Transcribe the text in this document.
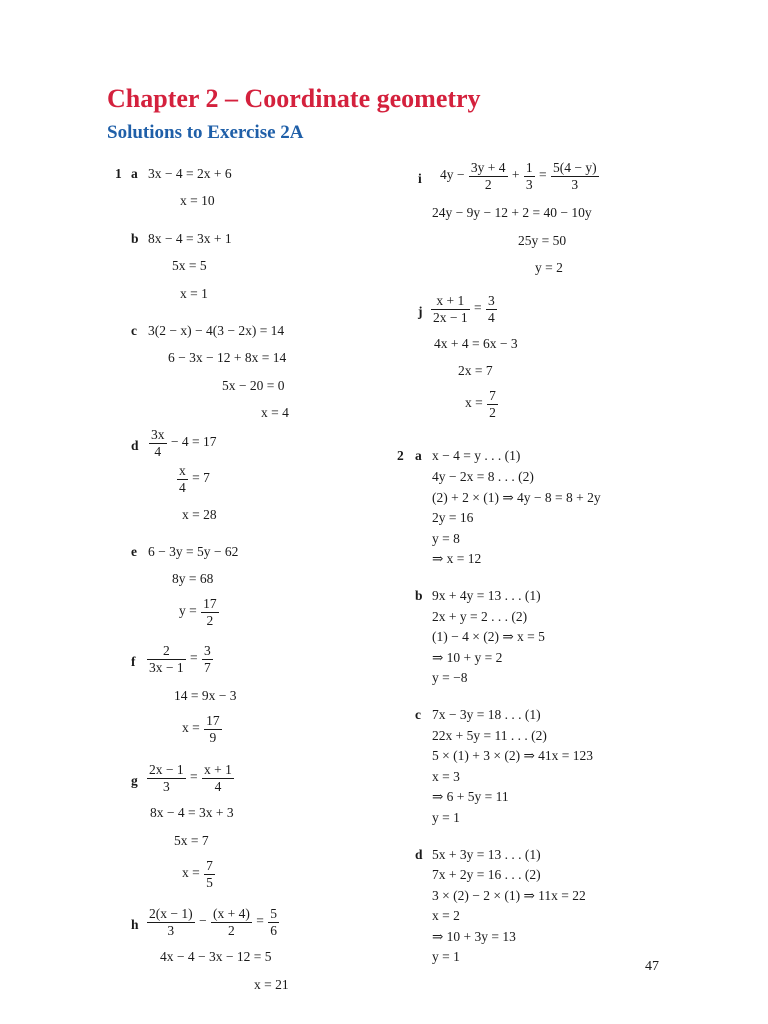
Chapter 2 – Coordinate geometry
Solutions to Exercise 2A
1 a 3x − 4 = 2x + 6
x = 10
b 8x − 4 = 3x + 1
5x = 5
x = 1
c 3(2 − x) − 4(3 − 2x) = 14
6 − 3x − 12 + 8x = 14
5x − 20 = 0
x = 4
d $\frac{3x}{4} - 4 = 17$
$\frac{x}{4} = 7$
x = 28
e 6 − 3y = 5y − 62
8y = 68
$y = \frac{17}{2}$
f $\frac{2}{3x - 1} = \frac{3}{7}$
14 = 9x − 3
$x = \frac{17}{9}$
g $\frac{2x - 1}{3} = \frac{x + 1}{4}$
8x − 4 = 3x + 3
5x = 7
$x = \frac{7}{5}$
h $\frac{2(x - 1)}{3} - \frac{(x + 4)}{2} = \frac{5}{6}$
4x − 4 − 3x − 12 = 5
x = 21
i $4y - \frac{3y + 4}{2} + \frac{1}{3} = \frac{5(4 - y)}{3}$
24y − 9y − 12 + 2 = 40 − 10y
25y = 50
y = 2
j $\frac{x + 1}{2x - 1} = \frac{3}{4}$
4x + 4 = 6x − 3
2x = 7
$x = \frac{7}{2}$
2 a x − 4 = y . . . (1)
4y − 2x = 8 . . . (2)
(2) + 2 × (1) ⇒ 4y − 8 = 8 + 2y
2y = 16
y = 8
⇒ x = 12
b 9x + 4y = 13 . . . (1)
2x + y = 2 . . . (2)
(1) − 4 × (2) ⇒ x = 5
⇒ 10 + y = 2
y = −8
c 7x − 3y = 18 . . . (1)
22x + 5y = 11 . . . (2)
5 × (1) + 3 × (2) ⇒ 41x = 123
x = 3
⇒ 6 + 5y = 11
y = 1
d 5x + 3y = 13 . . . (1)
7x + 2y = 16 . . . (2)
3 × (2) − 2 × (1) ⇒ 11x = 22
x = 2
⇒ 10 + 3y = 13
y = 1
47
